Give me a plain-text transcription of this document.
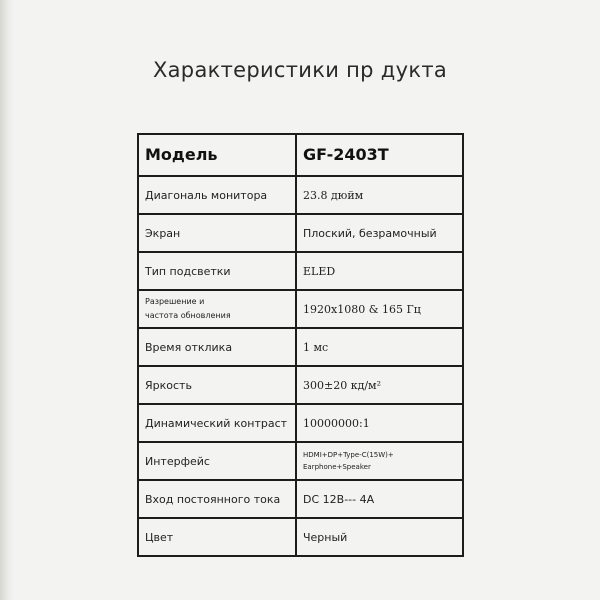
Характеристики пр дукта
Модель	GF-2403T
Диагональ монитора	23.8 дюйм
Экран	Плоский, безрамочный
Тип подсветки	ELED

Разрешение и
частота обновления	1920x1080 & 165 Гц
Время отклика	1 мс
Яркость	300±20 кд/м²
Динамический контраст	10000000:1
Интерфейс	HDMI+DP+Type-C(15W)+
Earphone+Speaker

Вход постоянного тока	DC 12В--- 4A
Цвет	Черный
